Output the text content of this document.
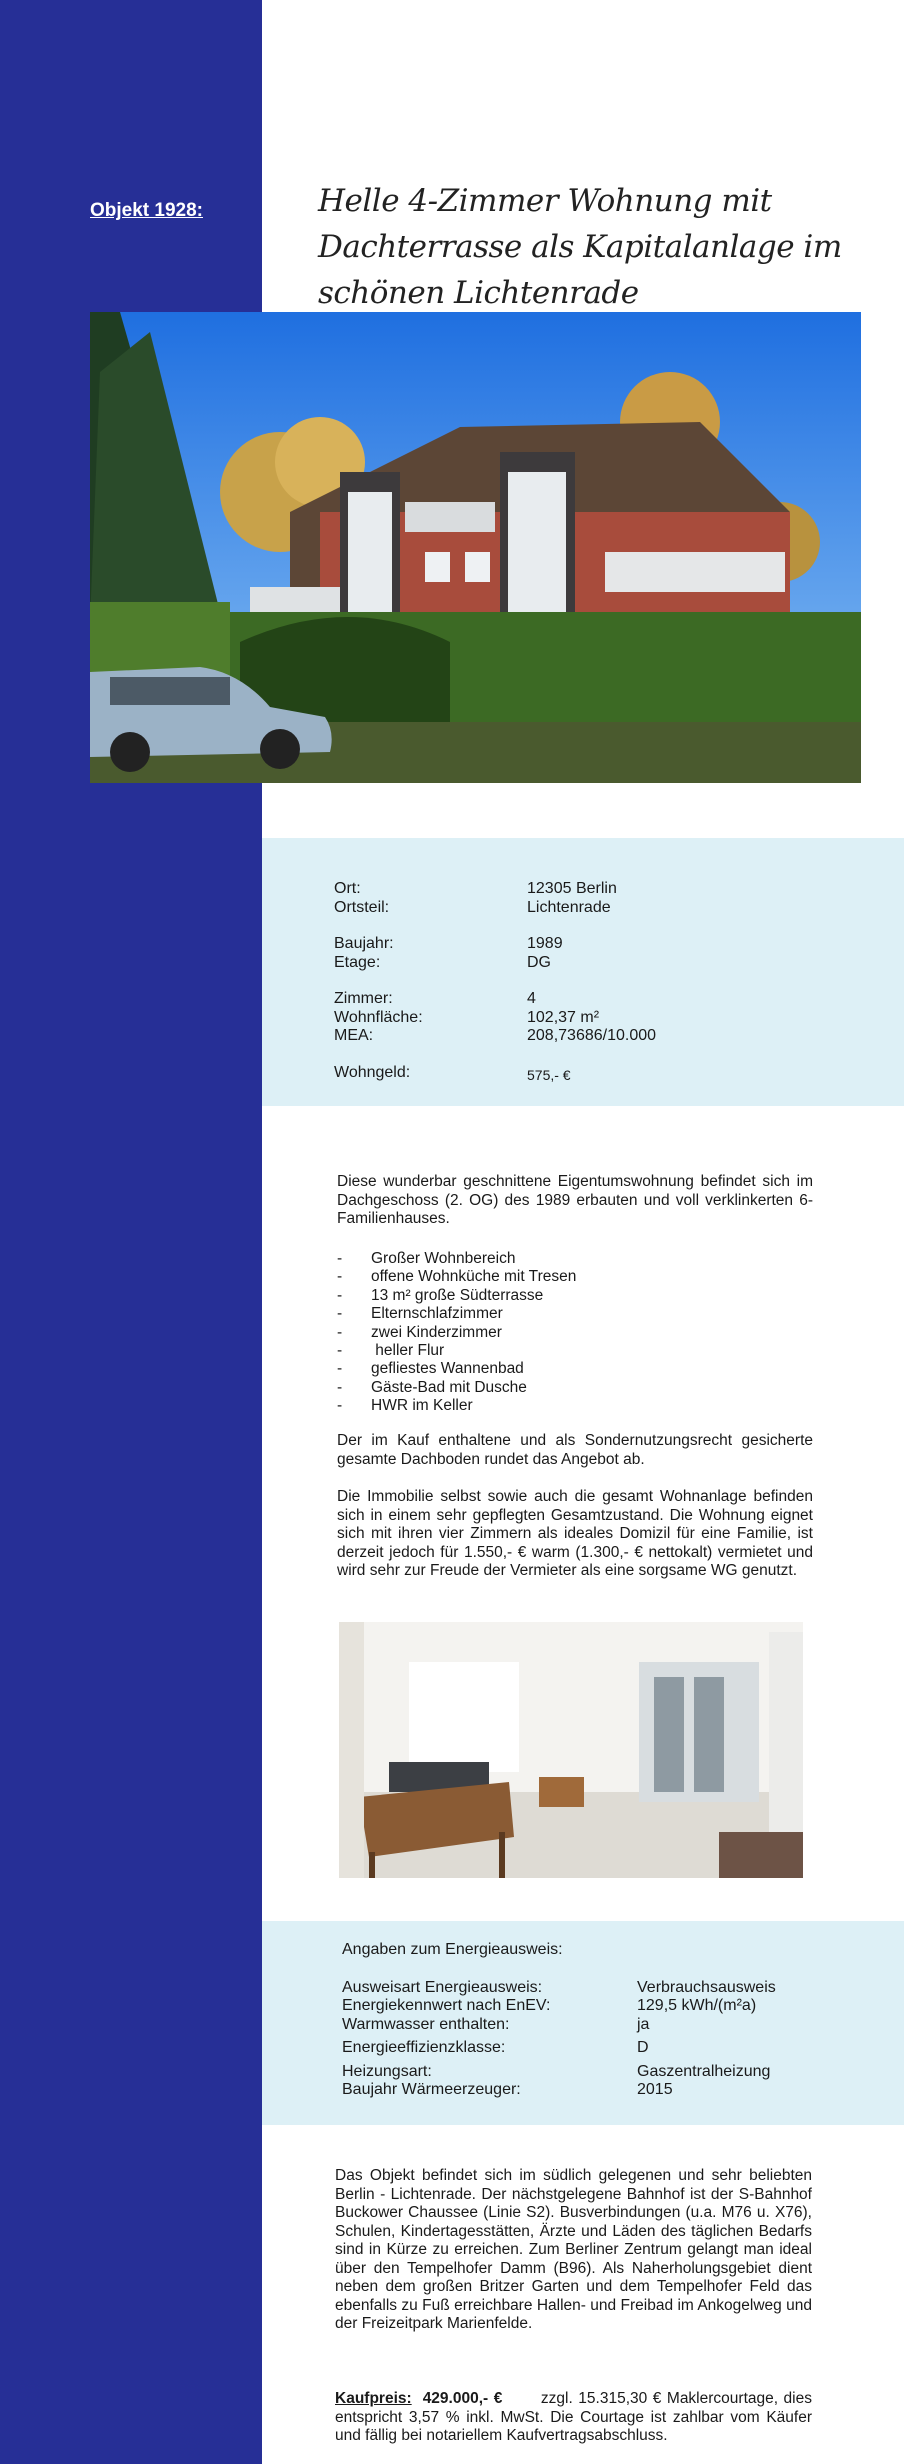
Objekt 1928:	Helle 4-Zimmer Wohnung mit Dachterrasse als Kapitalanlage im schönen Lichtenrade
Ort:	12305 Berlin
Ortsteil:	Lichtenrade
Baujahr:	1989
Etage:	DG
Zimmer:	4
Wohnfläche:	102,37 m²
MEA:	208,73686/10.000
Wohngeld:	575,- €

Diese wunderbar geschnittene Eigentumswohnung befindet sich im Dachgeschoss (2. OG) des 1989 erbauten und voll verklinkerten 6-Familienhauses.

-	Großer Wohnbereich
-	offene Wohnküche mit Tresen
-	13 m² große Südterrasse
-	Elternschlafzimmer
-	zwei Kinderzimmer
-	heller Flur
-	gefliestes Wannenbad
-	Gäste-Bad mit Dusche
-	HWR im Keller

Der im Kauf enthaltene und als Sondernutzungsrecht gesicherte gesamte Dachboden rundet das Angebot ab.

Die Immobilie selbst sowie auch die gesamt Wohnanlage befinden sich in einem sehr gepflegten Gesamtzustand. Die Wohnung eignet sich mit ihren vier Zimmern als ideales Domizil für eine Familie, ist derzeit jedoch für 1.550,- € warm (1.300,- € nettokalt) vermietet und wird sehr zur Freude der Vermieter als eine sorgsame WG genutzt.

Angaben zum Energieausweis:
Ausweisart Energieausweis:	Verbrauchsausweis
Energiekennwert nach EnEV:	129,5 kWh/(m²a)
Warmwasser enthalten:	ja
Energieeffizienzklasse:	D
Heizungsart:	Gaszentralheizung
Baujahr Wärmeerzeuger:	2015

Das Objekt befindet sich im südlich gelegenen und sehr beliebten Berlin - Lichtenrade. Der nächstgelegene Bahnhof ist der S-Bahnhof Buckower Chaussee (Linie S2). Busverbindungen (u.a. M76 u. X76), Schulen, Kindertagesstätten, Ärzte und Läden des täglichen Bedarfs sind in Kürze zu erreichen. Zum Berliner Zentrum gelangt man ideal über den Tempelhofer Damm (B96). Als Naherholungsgebiet dient neben dem großen Britzer Garten und dem Tempelhofer Feld das ebenfalls zu Fuß erreichbare Hallen- und Freibad im Ankogelweg und der Freizeitpark Marienfelde.

Kaufpreis: 429.000,- € zzgl. 15.315,30 € Maklercourtage, dies entspricht 3,57 % inkl. MwSt. Die Courtage ist zahlbar vom Käufer und fällig bei notariellem Kaufvertragsabschluss.
